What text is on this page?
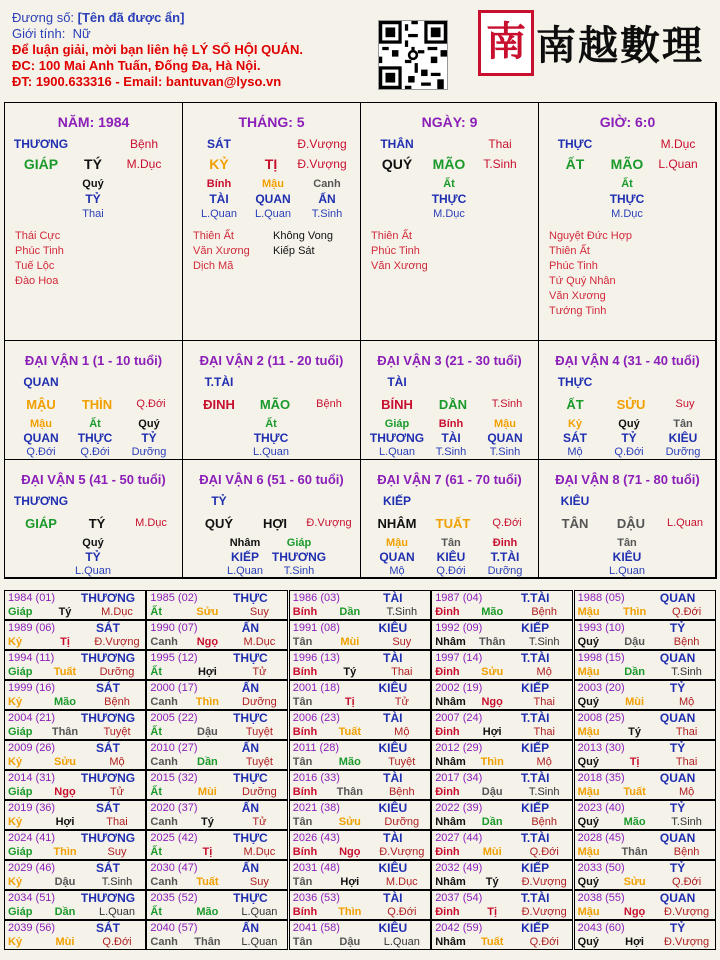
Đương số: [Tên đã được ẩn]
Giới tính: Nữ
Để luận giải, mời bạn liên hệ LÝ SỐ HỘI QUÁN.
ĐC: 100 Mai Anh Tuấn, Đống Đa, Hà Nội.
ĐT: 1900.633316 - Email: bantuvan@lyso.vn
南 南越數理
NĂM: 1984
THƯƠNG	Bệnh
GIÁP	TÝ	M.Dục
Quý
TỶ
Thai
Thái Cực
Phúc Tinh
Tuế Lộc
Đào Hoa
THÁNG: 5
SÁT	Đ.Vượng
KỶ	TỊ	Đ.Vượng
Bính
TÀI
L.Quan
Mậu
QUAN
L.Quan
Canh
ẤN
T.Sinh
Thiên Ất
Văn Xương
Dịch Mã
Không Vong
Kiếp Sát
NGÀY: 9
THÂN	Thai
QUÝ	MÃO	T.Sinh
Ất
THỰC
M.Dục
Thiên Ất
Phúc Tinh
Văn Xương
GIỜ: 6:0
THỰC	M.Dục
ẤT	MÃO	L.Quan
Ất
THỰC
M.Dục
Nguyệt Đức Hợp
Thiên Ất
Phúc Tinh
Tứ Quý Nhân
Văn Xương
Tướng Tinh
ĐẠI VẬN 1 (1 - 10 tuổi)
QUAN
MẬU	THÌN	Q.Đới
Mậu
QUAN
Q.Đới
Ất
THỰC
Q.Đới
Quý
TỶ
Dưỡng
ĐẠI VẬN 2 (11 - 20 tuổi)
T.TÀI
ĐINH	MÃO	Bệnh
Ất
THỰC
L.Quan
ĐẠI VẬN 3 (21 - 30 tuổi)
TÀI
BÍNH	DẦN	T.Sinh
Giáp
THƯƠNG
L.Quan
Bính
TÀI
T.Sinh
Mậu
QUAN
T.Sinh
ĐẠI VẬN 4 (31 - 40 tuổi)
THỰC
ẤT	SỬU	Suy
Kỷ
SÁT
Mộ
Quý
TỶ
Q.Đới
Tân
KIÊU
Dưỡng
ĐẠI VẬN 5 (41 - 50 tuổi)
THƯƠNG
GIÁP	TÝ	M.Dục
Quý
TỶ
L.Quan
ĐẠI VẬN 6 (51 - 60 tuổi)
TỶ
QUÝ	HỢI	Đ.Vượng
Nhâm
KIẾP
L.Quan
Giáp
THƯƠNG
T.Sinh
ĐẠI VẬN 7 (61 - 70 tuổi)
KIẾP
NHÂM	TUẤT	Q.Đới
Mậu
QUAN
Mộ
Tân
KIÊU
Q.Đới
Đinh
T.TÀI
Dưỡng
ĐẠI VẬN 8 (71 - 80 tuổi)
KIÊU
TÂN	DẬU	L.Quan
Tân
KIÊU
L.Quan
1984 (01)	THƯƠNG
Giáp	Tý	M.Dục
1985 (02)	THỰC
Ất	Sửu	Suy
1986 (03)	TÀI
Bính	Dần	T.Sinh
1987 (04)	T.TÀI
Đinh	Mão	Bệnh
1988 (05)	QUAN
Mậu	Thìn	Q.Đới
1989 (06)	SÁT
Kỷ	Tị	Đ.Vượng
1990 (07)	ẤN
Canh	Ngọ	M.Dục
1991 (08)	KIÊU
Tân	Mùi	Suy
1992 (09)	KIẾP
Nhâm	Thân	T.Sinh
1993 (10)	TỶ
Quý	Dậu	Bệnh
1994 (11)	THƯƠNG
Giáp	Tuất	Dưỡng
1995 (12)	THỰC
Ất	Hợi	Tử
1996 (13)	TÀI
Bính	Tý	Thai
1997 (14)	T.TÀI
Đinh	Sửu	Mộ
1998 (15)	QUAN
Mậu	Dần	T.Sinh
1999 (16)	SÁT
Kỷ	Mão	Bệnh
2000 (17)	ẤN
Canh	Thìn	Dưỡng
2001 (18)	KIÊU
Tân	Tị	Tử
2002 (19)	KIẾP
Nhâm	Ngọ	Thai
2003 (20)	TỶ
Quý	Mùi	Mộ
2004 (21)	THƯƠNG
Giáp	Thân	Tuyệt
2005 (22)	THỰC
Ất	Dậu	Tuyệt
2006 (23)	TÀI
Bính	Tuất	Mộ
2007 (24)	T.TÀI
Đinh	Hợi	Thai
2008 (25)	QUAN
Mậu	Tý	Thai
2009 (26)	SÁT
Kỷ	Sửu	Mộ
2010 (27)	ẤN
Canh	Dần	Tuyệt
2011 (28)	KIÊU
Tân	Mão	Tuyệt
2012 (29)	KIẾP
Nhâm	Thìn	Mộ
2013 (30)	TỶ
Quý	Tị	Thai
2014 (31)	THƯƠNG
Giáp	Ngọ	Tử
2015 (32)	THỰC
Ất	Mùi	Dưỡng
2016 (33)	TÀI
Bính	Thân	Bệnh
2017 (34)	T.TÀI
Đinh	Dậu	T.Sinh
2018 (35)	QUAN
Mậu	Tuất	Mộ
2019 (36)	SÁT
Kỷ	Hợi	Thai
2020 (37)	ẤN
Canh	Tý	Tử
2021 (38)	KIÊU
Tân	Sửu	Dưỡng
2022 (39)	KIẾP
Nhâm	Dần	Bệnh
2023 (40)	TỶ
Quý	Mão	T.Sinh
2024 (41)	THƯƠNG
Giáp	Thìn	Suy
2025 (42)	THỰC
Ất	Tị	M.Dục
2026 (43)	TÀI
Bính	Ngọ	Đ.Vượng
2027 (44)	T.TÀI
Đinh	Mùi	Q.Đới
2028 (45)	QUAN
Mậu	Thân	Bệnh
2029 (46)	SÁT
Kỷ	Dậu	T.Sinh
2030 (47)	ẤN
Canh	Tuất	Suy
2031 (48)	KIÊU
Tân	Hợi	M.Dục
2032 (49)	KIẾP
Nhâm	Tý	Đ.Vượng
2033 (50)	TỶ
Quý	Sửu	Q.Đới
2034 (51)	THƯƠNG
Giáp	Dần	L.Quan
2035 (52)	THỰC
Ất	Mão	L.Quan
2036 (53)	TÀI
Bính	Thìn	Q.Đới
2037 (54)	T.TÀI
Đinh	Tị	Đ.Vượng
2038 (55)	QUAN
Mậu	Ngọ	Đ.Vượng
2039 (56)	SÁT
Kỷ	Mùi	Q.Đới
2040 (57)	ẤN
Canh	Thân	L.Quan
2041 (58)	KIÊU
Tân	Dậu	L.Quan
2042 (59)	KIẾP
Nhâm	Tuất	Q.Đới
2043 (60)	TỶ
Quý	Hợi	Đ.Vượng
